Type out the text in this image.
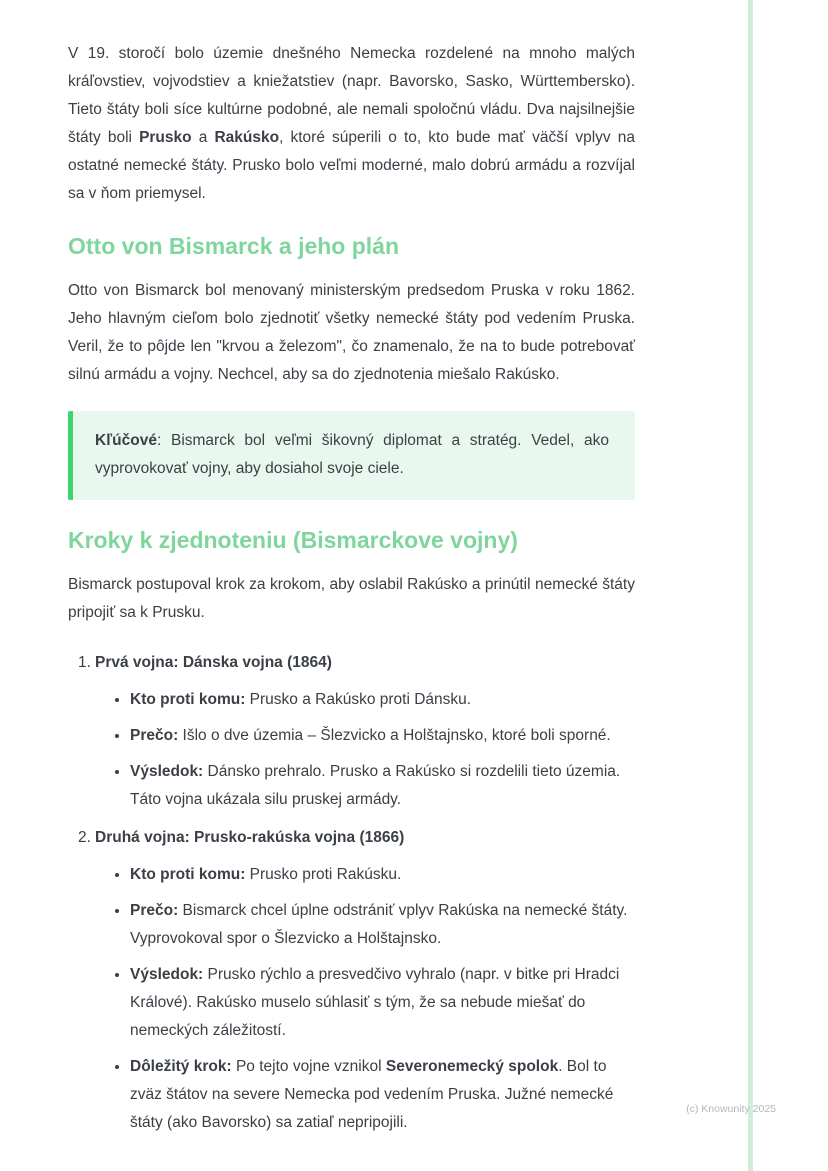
V 19. storočí bolo územie dnešného Nemecka rozdelené na mnoho malých kráľovstiev, vojvodstiev a kniežatstiev (napr. Bavorsko, Sasko, Württembersko). Tieto štáty boli síce kultúrne podobné, ale nemali spoločnú vládu. Dva najsilnejšie štáty boli Prusko a Rakúsko, ktoré súperili o to, kto bude mať väčší vplyv na ostatné nemecké štáty. Prusko bolo veľmi moderné, malo dobrú armádu a rozvíjal sa v ňom priemysel.

Otto von Bismarck a jeho plán

Otto von Bismarck bol menovaný ministerským predsedom Pruska v roku 1862. Jeho hlavným cieľom bolo zjednotiť všetky nemecké štáty pod vedením Pruska. Veril, že to pôjde len "krvou a železom", čo znamenalo, že na to bude potrebovať silnú armádu a vojny. Nechcel, aby sa do zjednotenia miešalo Rakúsko.

Kľúčové: Bismarck bol veľmi šikovný diplomat a stratég. Vedel, ako vyprovokovať vojny, aby dosiahol svoje ciele.

Kroky k zjednoteniu (Bismarckove vojny)

Bismarck postupoval krok za krokom, aby oslabil Rakúsko a prinútil nemecké štáty pripojiť sa k Prusku.

1. Prvá vojna: Dánska vojna (1864)
• Kto proti komu: Prusko a Rakúsko proti Dánsku.
• Prečo: Išlo o dve územia – Šlezvicko a Holštajnsko, ktoré boli sporné.
• Výsledok: Dánsko prehralo. Prusko a Rakúsko si rozdelili tieto územia. Táto vojna ukázala silu pruskej armády.
2. Druhá vojna: Prusko-rakúska vojna (1866)
• Kto proti komu: Prusko proti Rakúsku.
• Prečo: Bismarck chcel úplne odstrániť vplyv Rakúska na nemecké štáty. Vyprovokoval spor o Šlezvicko a Holštajnsko.
• Výsledok: Prusko rýchlo a presvedčivo vyhralo (napr. v bitke pri Hradci Králové). Rakúsko muselo súhlasiť s tým, že sa nebude miešať do nemeckých záležitostí.
• Dôležitý krok: Po tejto vojne vznikol Severonemecký spolok. Bol to zväz štátov na severe Nemecka pod vedením Pruska. Južné nemecké štáty (ako Bavorsko) sa zatiaľ nepripojili.
(c) Knowunity 2025
